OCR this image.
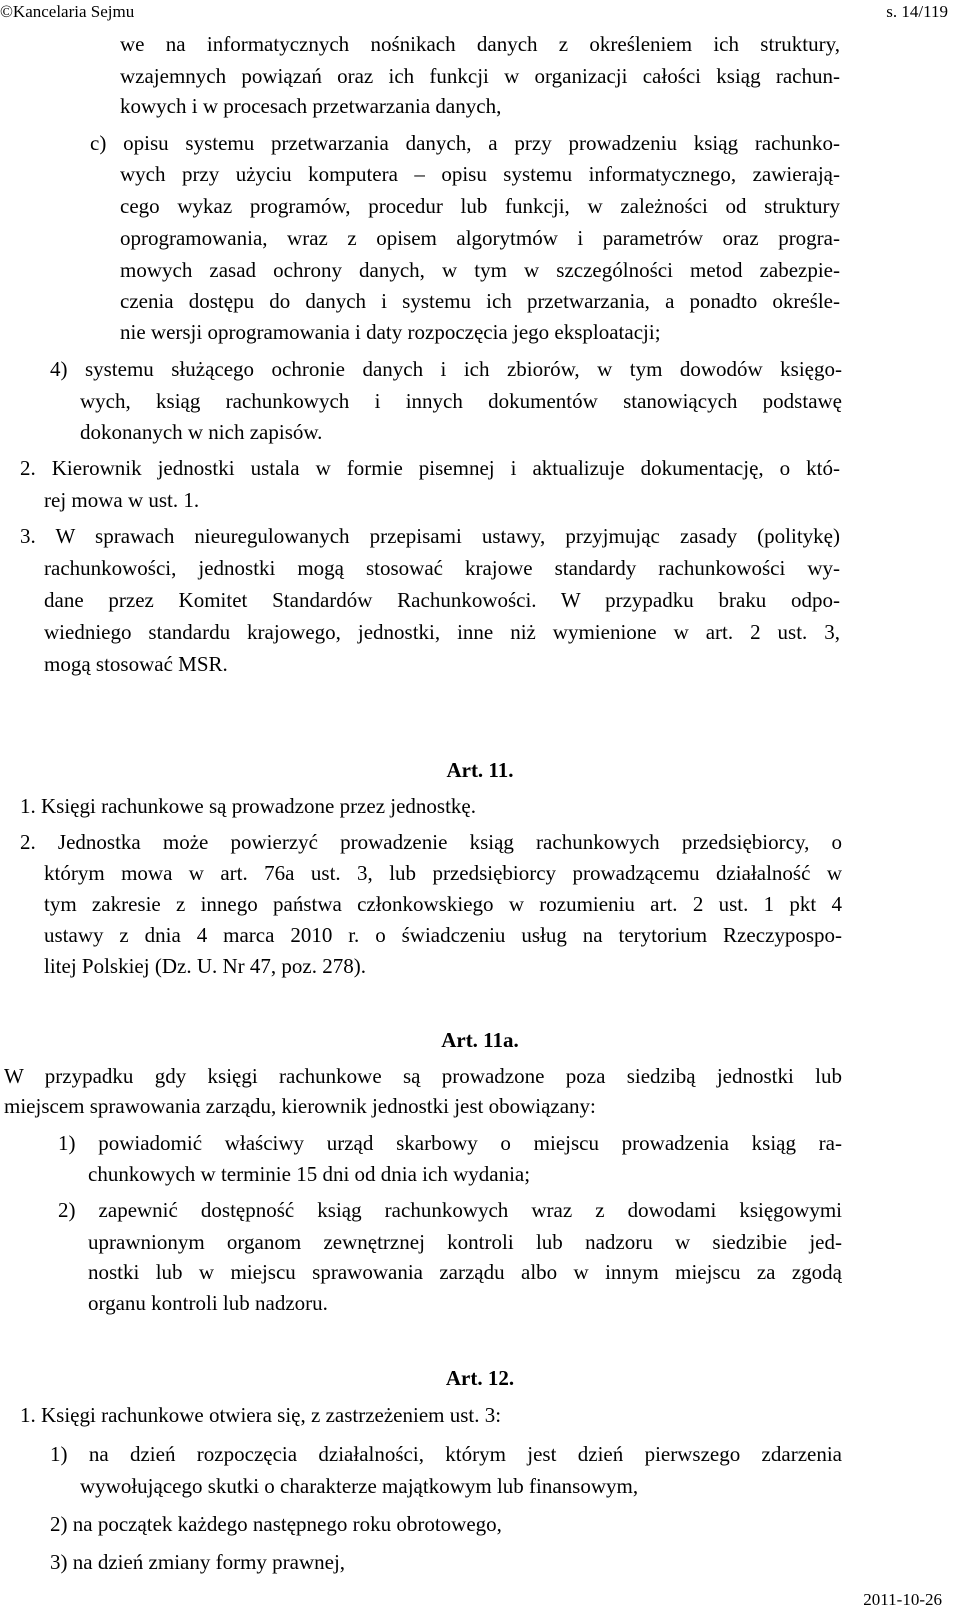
©Kancelaria Sejmu	s. 14/119
we na informatycznych nośnikach danych z określeniem ich struktury,
wzajemnych powiązań oraz ich funkcji w organizacji całości ksiąg rachun-
kowych i w procesach przetwarzania danych,
c) opisu systemu przetwarzania danych, a przy prowadzeniu ksiąg rachunko-
wych przy użyciu komputera – opisu systemu informatycznego, zawierają-
cego wykaz programów, procedur lub funkcji, w zależności od struktury
oprogramowania, wraz z opisem algorytmów i parametrów oraz progra-
mowych zasad ochrony danych, w tym w szczególności metod zabezpie-
czenia dostępu do danych i systemu ich przetwarzania, a ponadto określe-
nie wersji oprogramowania i daty rozpoczęcia jego eksploatacji;
4) systemu służącego ochronie danych i ich zbiorów, w tym dowodów księgo-
wych, ksiąg rachunkowych i innych dokumentów stanowiących podstawę
dokonanych w nich zapisów.
2. Kierownik jednostki ustala w formie pisemnej i aktualizuje dokumentację, o któ-
rej mowa w ust. 1.
3. W sprawach nieuregulowanych przepisami ustawy, przyjmując zasady (politykę)
rachunkowości, jednostki mogą stosować krajowe standardy rachunkowości wy-
dane przez Komitet Standardów Rachunkowości. W przypadku braku odpo-
wiedniego standardu krajowego, jednostki, inne niż wymienione w art. 2 ust. 3,
mogą stosować MSR.
Art. 11.
1. Księgi rachunkowe są prowadzone przez jednostkę.
2. Jednostka może powierzyć prowadzenie ksiąg rachunkowych przedsiębiorcy, o
którym mowa w art. 76a ust. 3, lub przedsiębiorcy prowadzącemu działalność w
tym zakresie z innego państwa członkowskiego w rozumieniu art. 2 ust. 1 pkt 4
ustawy z dnia 4 marca 2010 r. o świadczeniu usług na terytorium Rzeczypospo-
litej Polskiej (Dz. U. Nr 47, poz. 278).
Art. 11a.
W przypadku gdy księgi rachunkowe są prowadzone poza siedzibą jednostki lub
miejscem sprawowania zarządu, kierownik jednostki jest obowiązany:
1) powiadomić właściwy urząd skarbowy o miejscu prowadzenia ksiąg ra-
chunkowych w terminie 15 dni od dnia ich wydania;
2) zapewnić dostępność ksiąg rachunkowych wraz z dowodami księgowymi
uprawnionym organom zewnętrznej kontroli lub nadzoru w siedzibie jed-
nostki lub w miejscu sprawowania zarządu albo w innym miejscu za zgodą
organu kontroli lub nadzoru.
Art. 12.
1. Księgi rachunkowe otwiera się, z zastrzeżeniem ust. 3:
1) na dzień rozpoczęcia działalności, którym jest dzień pierwszego zdarzenia
wywołującego skutki o charakterze majątkowym lub finansowym,
2) na początek każdego następnego roku obrotowego,
3) na dzień zmiany formy prawnej,
2011-10-26
